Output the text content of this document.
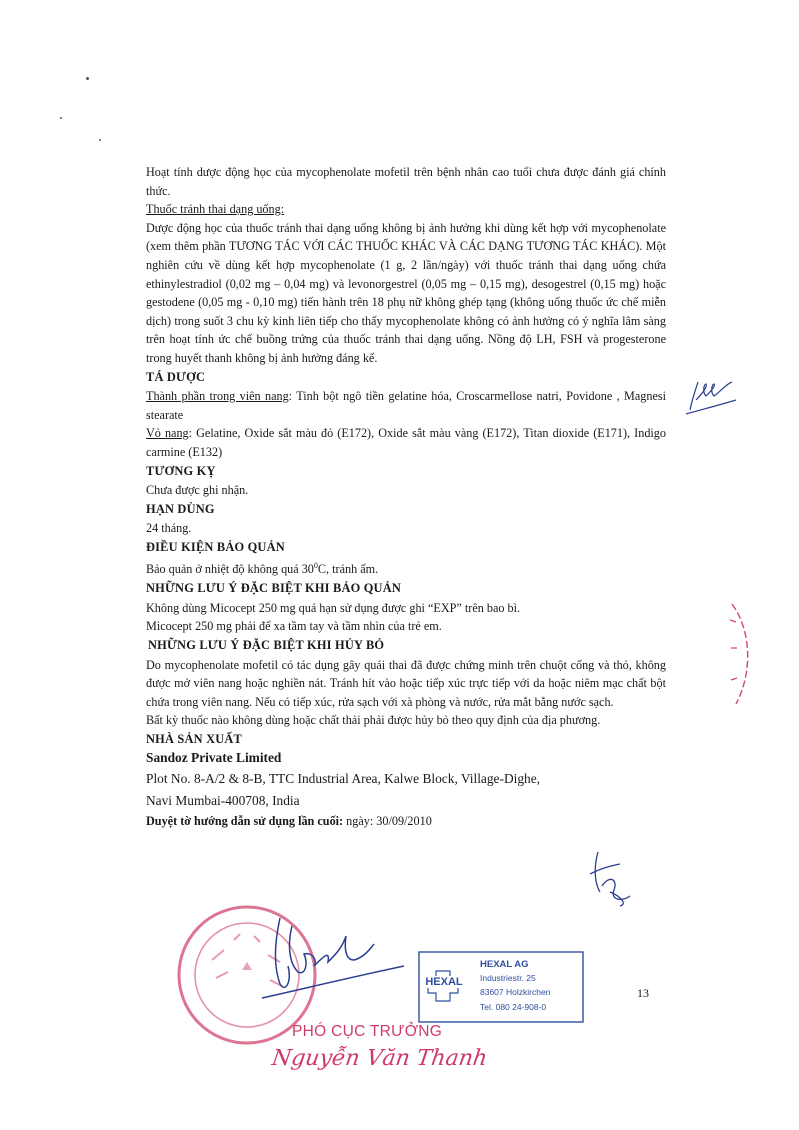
Hoạt tính dược động học của mycophenolate mofetil trên bệnh nhân cao tuổi chưa được đánh giá chính thức.

Thuốc tránh thai dạng uống:

Dược động học của thuốc tránh thai dạng uống không bị ảnh hưởng khi dùng kết hợp với mycophenolate (xem thêm phần TƯƠNG TÁC VỚI CÁC THUỐC KHÁC VÀ CÁC DẠNG TƯƠNG TÁC KHÁC). Một nghiên cứu về dùng kết hợp mycophenolate (1 g, 2 lần/ngày) với thuốc tránh thai dạng uống chứa ethinylestradiol (0,02 mg – 0,04 mg) và levonorgestrel (0,05 mg – 0,15 mg), desogestrel (0,15 mg) hoặc gestodene (0,05 mg - 0,10 mg) tiến hành trên 18 phụ nữ không ghép tạng (không uống thuốc ức chế miễn dịch) trong suốt 3 chu kỳ kinh liên tiếp cho thấy mycophenolate không có ảnh hưởng có ý nghĩa lâm sàng trên hoạt tính ức chế buồng trứng của thuốc tránh thai dạng uống. Nồng độ LH, FSH và progesterone trong huyết thanh không bị ảnh hưởng đáng kể.

TÁ DƯỢC

Thành phần trong viên nang: Tinh bột ngô tiền gelatine hóa, Croscarmellose natri, Povidone , Magnesi stearate

Vỏ nang: Gelatine, Oxide sắt màu đỏ (E172), Oxide sắt màu vàng (E172), Titan dioxide (E171), Indigo carmine (E132)

TƯƠNG KỴ

Chưa được ghi nhận.

HẠN DÙNG

24 tháng.

ĐIỀU KIỆN BẢO QUẢN

Bảo quản ở nhiệt độ không quá $30^0C$, tránh ẩm.

NHỮNG LƯU Ý ĐẶC BIỆT KHI BẢO QUẢN

Không dùng Micocept 250 mg quá hạn sử dụng được ghi “EXP” trên bao bì.

Micocept 250 mg phải để xa tầm tay và tầm nhìn của trẻ em.

NHỮNG LƯU Ý ĐẶC BIỆT KHI HỦY BỎ

Do mycophenolate mofetil có tác dụng gây quái thai đã được chứng minh trên chuột cống và thỏ, không được mở viên nang hoặc nghiền nát. Tránh hít vào hoặc tiếp xúc trực tiếp với da hoặc niêm mạc chất bột chứa trong viên nang. Nếu có tiếp xúc, rửa sạch với xà phòng và nước, rửa mắt bằng nước sạch.

Bất kỳ thuốc nào không dùng hoặc chất thải phải được hủy bỏ theo quy định của địa phương.

NHÀ SẢN XUẤT

Sandoz Private Limited

Plot No. 8-A/2 & 8-B, TTC Industrial Area, Kalwe Block, Village-Dighe,

Navi Mumbai-400708, India

Duyệt tờ hướng dẫn sử dụng lần cuối: ngày: 30/09/2010

HEXAL
HEXAL AG
Industriestr. 25
83607 Holzkirchen
Tel. 080 24-908-0
13
PHÓ CỤC TRƯỞNG
Nguyễn Văn Thanh
